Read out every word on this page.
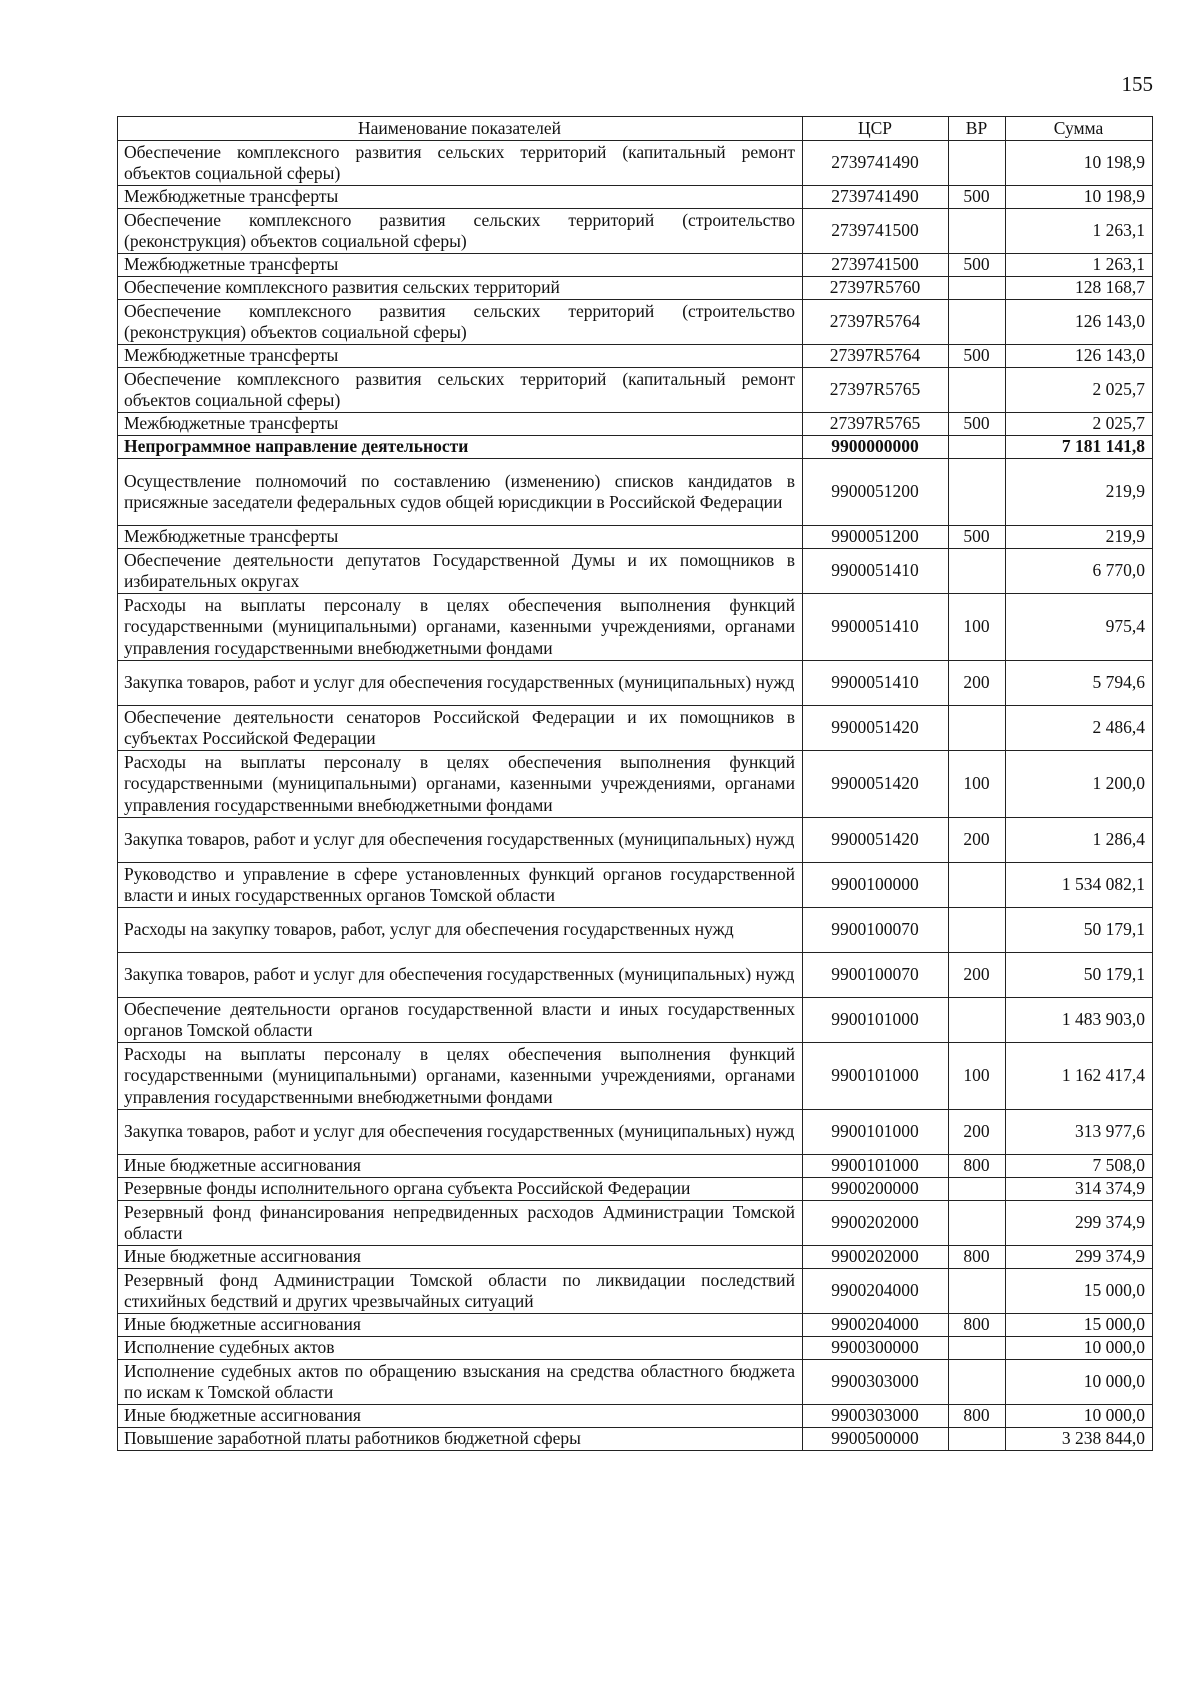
155
Наименование показателей	ЦСР	ВР	Сумма
Обеспечение комплексного развития сельских территорий (капитальный ремонт объектов социальной сферы)	2739741490		10 198,9
Межбюджетные трансферты	2739741490	500	10 198,9
Обеспечение комплексного развития сельских территорий (строительство (реконструкция) объектов социальной сферы)	2739741500		1 263,1
Межбюджетные трансферты	2739741500	500	1 263,1
Обеспечение комплексного развития сельских территорий	27397R5760		128 168,7
Обеспечение комплексного развития сельских территорий (строительство (реконструкция) объектов социальной сферы)	27397R5764		126 143,0
Межбюджетные трансферты	27397R5764	500	126 143,0
Обеспечение комплексного развития сельских территорий (капитальный ремонт объектов социальной сферы)	27397R5765		2 025,7
Межбюджетные трансферты	27397R5765	500	2 025,7
Непрограммное направление деятельности	9900000000		7 181 141,8
Осуществление полномочий по составлению (изменению) списков кандидатов в присяжные заседатели федеральных судов общей юрисдикции в Российской Федерации	9900051200		219,9
Межбюджетные трансферты	9900051200	500	219,9
Обеспечение деятельности депутатов Государственной Думы и их помощников в избирательных округах	9900051410		6 770,0
Расходы на выплаты персоналу в целях обеспечения выполнения функций государственными (муниципальными) органами, казенными учреждениями, органами управления государственными внебюджетными фондами	9900051410	100	975,4
Закупка товаров, работ и услуг для обеспечения государственных (муниципальных) нужд	9900051410	200	5 794,6
Обеспечение деятельности сенаторов Российской Федерации и их помощников в субъектах Российской Федерации	9900051420		2 486,4
Расходы на выплаты персоналу в целях обеспечения выполнения функций государственными (муниципальными) органами, казенными учреждениями, органами управления государственными внебюджетными фондами	9900051420	100	1 200,0
Закупка товаров, работ и услуг для обеспечения государственных (муниципальных) нужд	9900051420	200	1 286,4
Руководство и управление в сфере установленных функций органов государственной власти и иных государственных органов Томской области	9900100000		1 534 082,1
Расходы на закупку товаров, работ, услуг для обеспечения государственных нужд	9900100070		50 179,1
Закупка товаров, работ и услуг для обеспечения государственных (муниципальных) нужд	9900100070	200	50 179,1
Обеспечение деятельности органов государственной власти и иных государственных органов Томской области	9900101000		1 483 903,0
Расходы на выплаты персоналу в целях обеспечения выполнения функций государственными (муниципальными) органами, казенными учреждениями, органами управления государственными внебюджетными фондами	9900101000	100	1 162 417,4
Закупка товаров, работ и услуг для обеспечения государственных (муниципальных) нужд	9900101000	200	313 977,6
Иные бюджетные ассигнования	9900101000	800	7 508,0
Резервные фонды исполнительного органа субъекта Российской Федерации	9900200000		314 374,9
Резервный фонд финансирования непредвиденных расходов Администрации Томской области	9900202000		299 374,9
Иные бюджетные ассигнования	9900202000	800	299 374,9
Резервный фонд Администрации Томской области по ликвидации последствий стихийных бедствий и других чрезвычайных ситуаций	9900204000		15 000,0
Иные бюджетные ассигнования	9900204000	800	15 000,0
Исполнение судебных актов	9900300000		10 000,0
Исполнение судебных актов по обращению взыскания на средства областного бюджета по искам к Томской области	9900303000		10 000,0
Иные бюджетные ассигнования	9900303000	800	10 000,0
Повышение заработной платы работников бюджетной сферы	9900500000		3 238 844,0
